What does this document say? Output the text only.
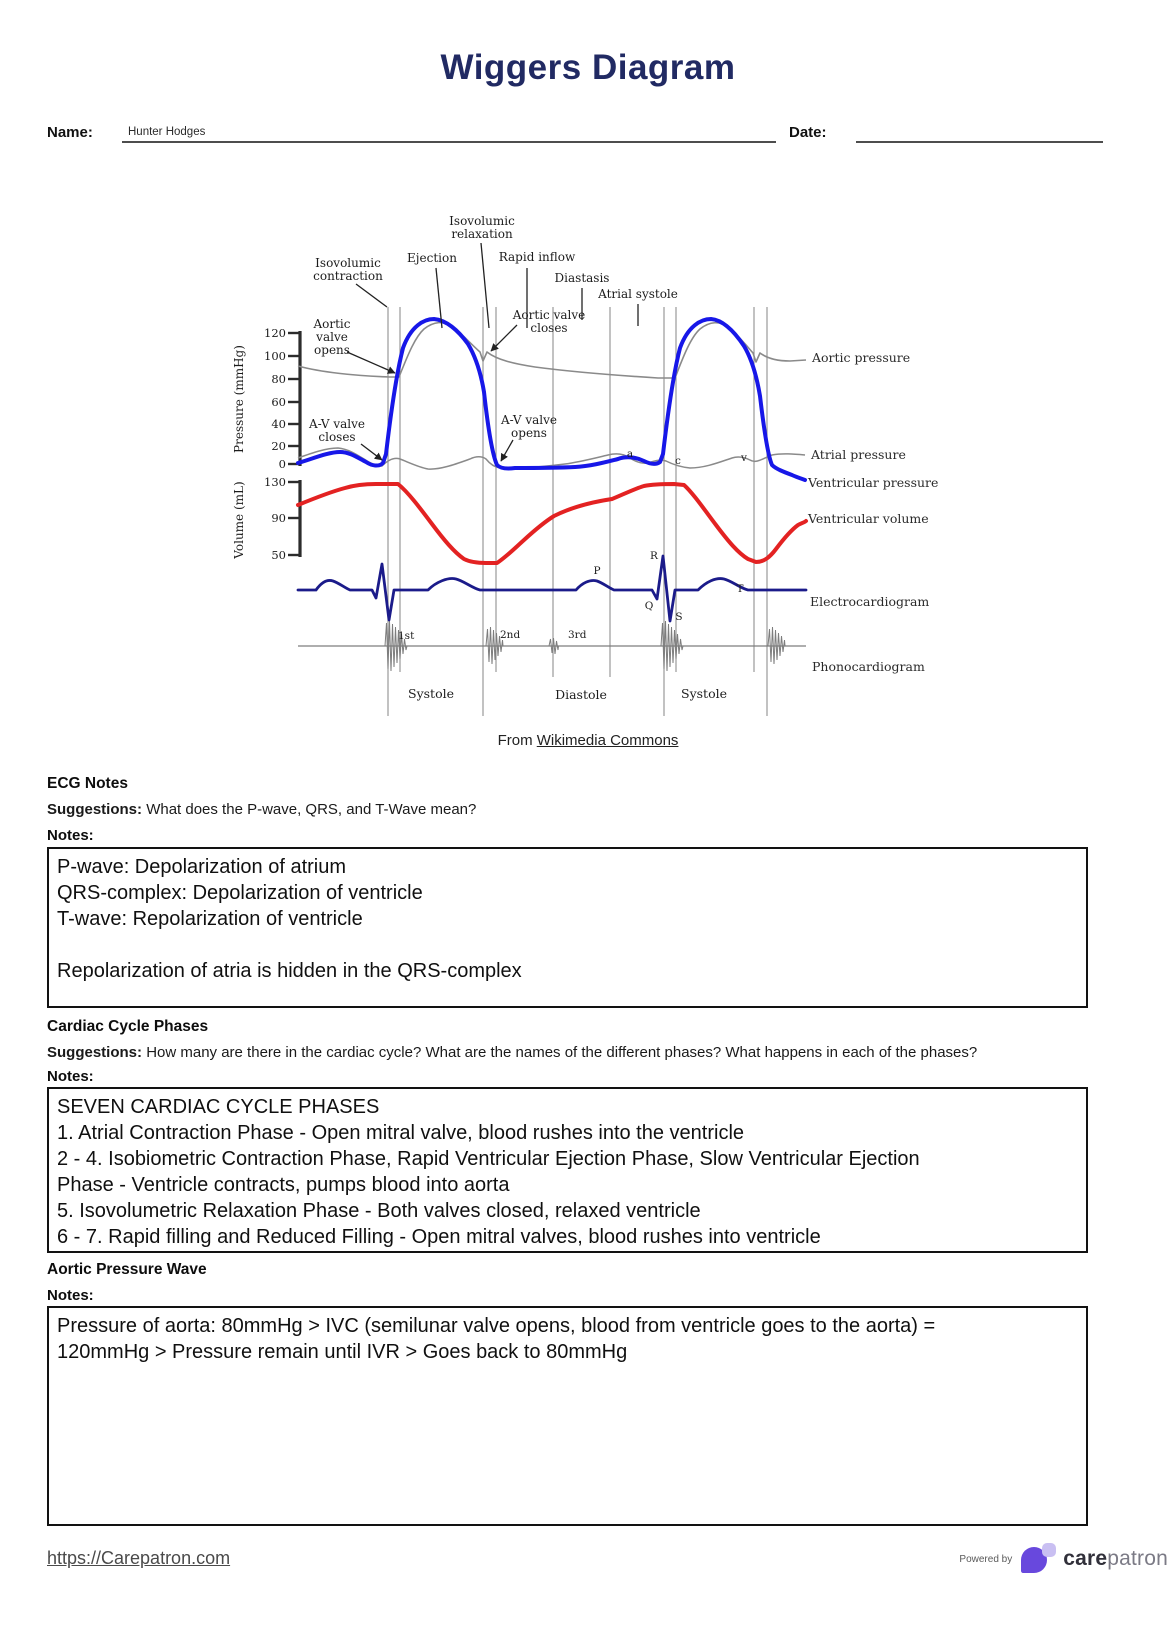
Wiggers Diagram
Name:	Hunter Hodges	Date:
120
100
80
60
40
20
0
130
90
50
Pressure (mmHg)
Volume (mL)
Isovolumic
contraction
Ejection
Isovolumic
relaxation
Rapid inflow
Diastasis
Atrial systole
Aortic
valve
opens
Aortic valve
closes
A-V valve
closes
A-V valve
opens
a
c	v
P
Q
R
S
T
1st	2nd	3rd
Systole	Diastole	Systole
Aortic pressure
Atrial pressure
Ventricular pressure
Ventricular volume
Electrocardiogram
Phonocardiogram
From Wikimedia Commons
ECG Notes
Suggestions: What does the P-wave, QRS, and T-Wave mean?
Notes:
P-wave: Depolarization of atrium
QRS-complex: Depolarization of ventricle
T-wave: Repolarization of ventricle
Repolarization of atria is hidden in the QRS-complex
Cardiac Cycle Phases
Suggestions: How many are there in the cardiac cycle? What are the names of the different phases? What happens in each of the phases?
Notes:
SEVEN CARDIAC CYCLE PHASES
1. Atrial Contraction Phase - Open mitral valve, blood rushes into the ventricle
2 - 4. Isobiometric Contraction Phase, Rapid Ventricular Ejection Phase, Slow Ventricular Ejection
Phase - Ventricle contracts, pumps blood into aorta
5. Isovolumetric Relaxation Phase - Both valves closed, relaxed ventricle
6 - 7. Rapid filling and Reduced Filling - Open mitral valves, blood rushes into ventricle
Aortic Pressure Wave
Notes:
Pressure of aorta: 80mmHg > IVC (semilunar valve opens, blood from ventricle goes to the aorta) =
120mmHg > Pressure remain until IVR > Goes back to 80mmHg
https://Carepatron.com	Powered by carepatron
